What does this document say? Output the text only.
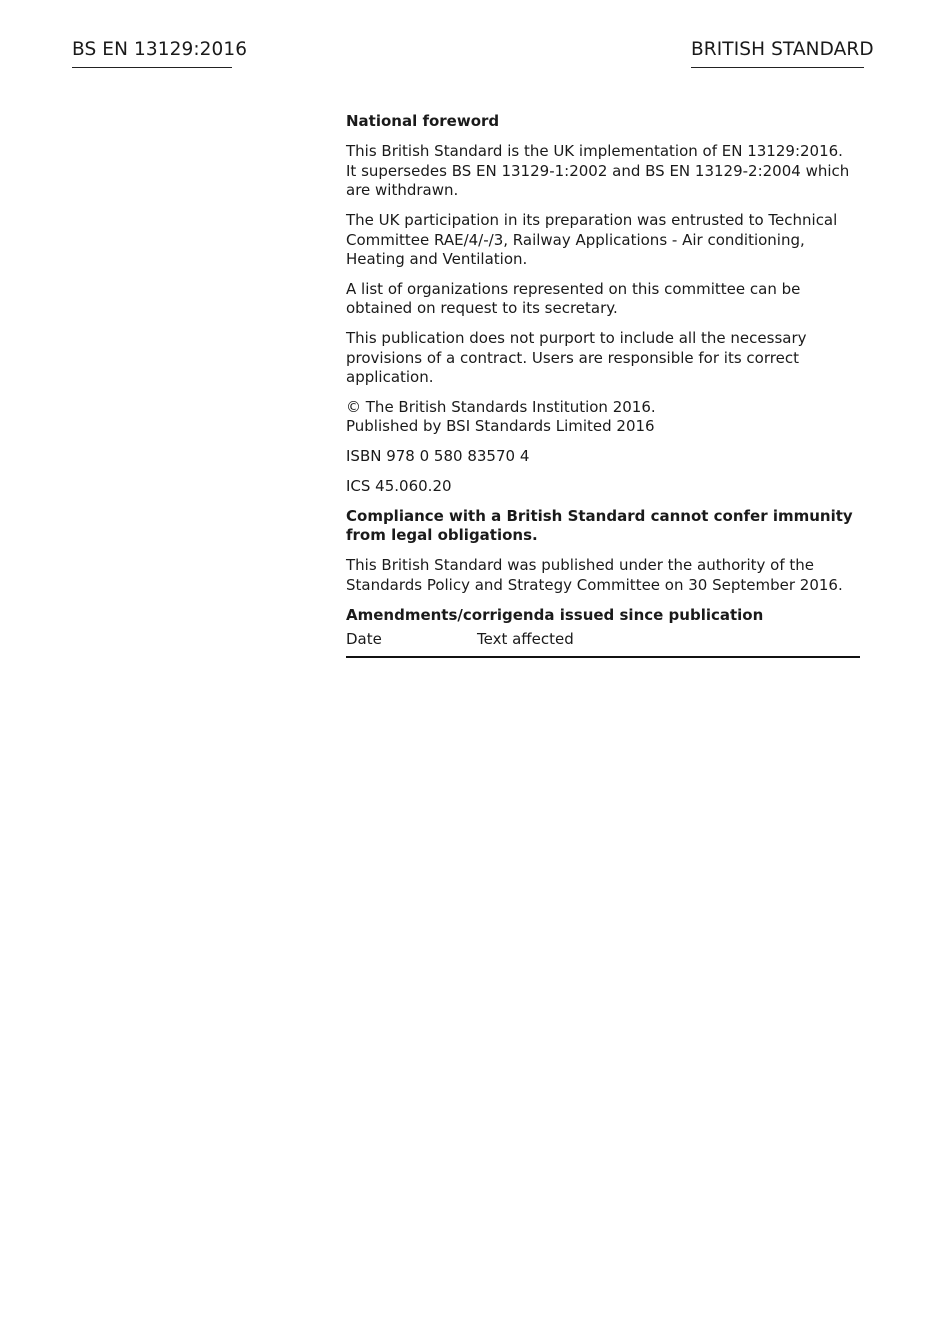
BS EN 13129:2016	BRITISH STANDARD

National foreword

This British Standard is the UK implementation of EN 13129:2016.
It supersedes BS EN 13129-1:2002 and BS EN 13129-2:2004 which are withdrawn.

The UK participation in its preparation was entrusted to Technical Committee RAE/4/-/3, Railway Applications - Air conditioning, Heating and Ventilation.

A list of organizations represented on this committee can be obtained on request to its secretary.

This publication does not purport to include all the necessary provisions of a contract. Users are responsible for its correct application.

© The British Standards Institution 2016.
Published by BSI Standards Limited 2016

ISBN 978 0 580 83570 4

ICS 45.060.20

Compliance with a British Standard cannot confer immunity from legal obligations.

This British Standard was published under the authority of the Standards Policy and Strategy Committee on 30 September 2016.

Amendments/corrigenda issued since publication

Date	Text affected
